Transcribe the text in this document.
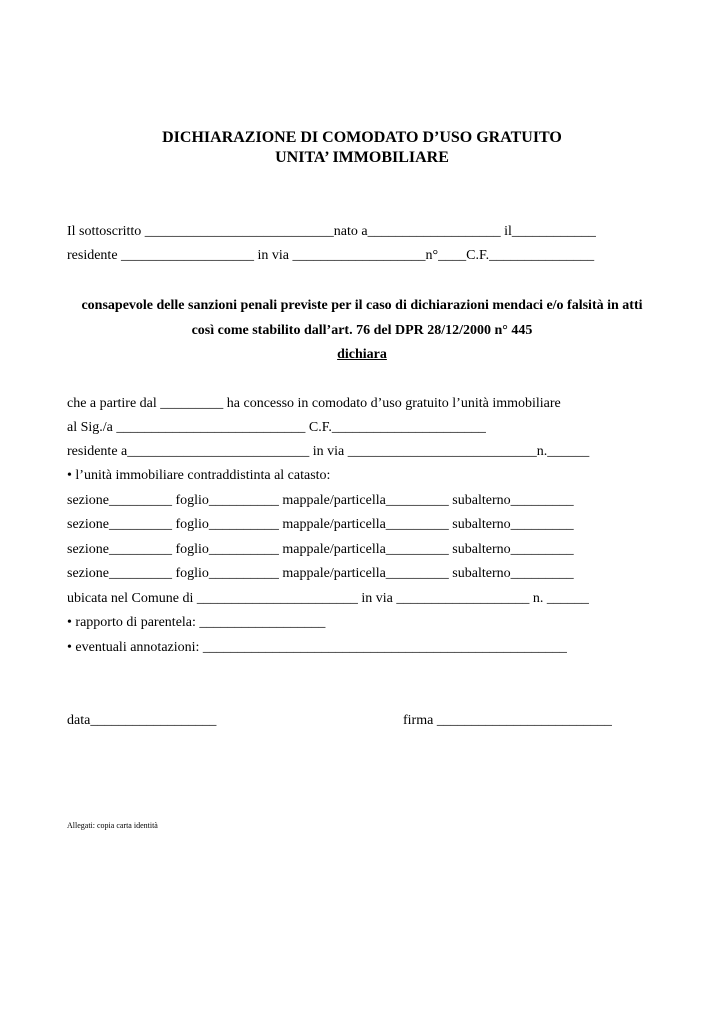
DICHIARAZIONE DI COMODATO D’USO GRATUITO
UNITA’ IMMOBILIARE
Il sottoscritto ___________________________nato a___________________ il____________
residente ___________________ in via ___________________n°____C.F._______________
consapevole delle sanzioni penali previste per il caso di dichiarazioni mendaci e/o falsità in atti
così come stabilito dall’art. 76 del DPR 28/12/2000 n° 445
dichiara
che a partire dal _________ ha concesso in comodato d’uso gratuito l’unità immobiliare
al Sig./a ___________________________ C.F.______________________
residente a__________________________ in via ___________________________n.______
• l’unità immobiliare contraddistinta al catasto:
sezione_________ foglio__________ mappale/particella_________ subalterno_________
sezione_________ foglio__________ mappale/particella_________ subalterno_________
sezione_________ foglio__________ mappale/particella_________ subalterno_________
sezione_________ foglio__________ mappale/particella_________ subalterno_________
ubicata nel Comune di _______________________ in via ___________________ n. ______
• rapporto di parentela: __________________
• eventuali annotazioni: ____________________________________________________
data__________________	firma _________________________
Allegati: copia carta identità
